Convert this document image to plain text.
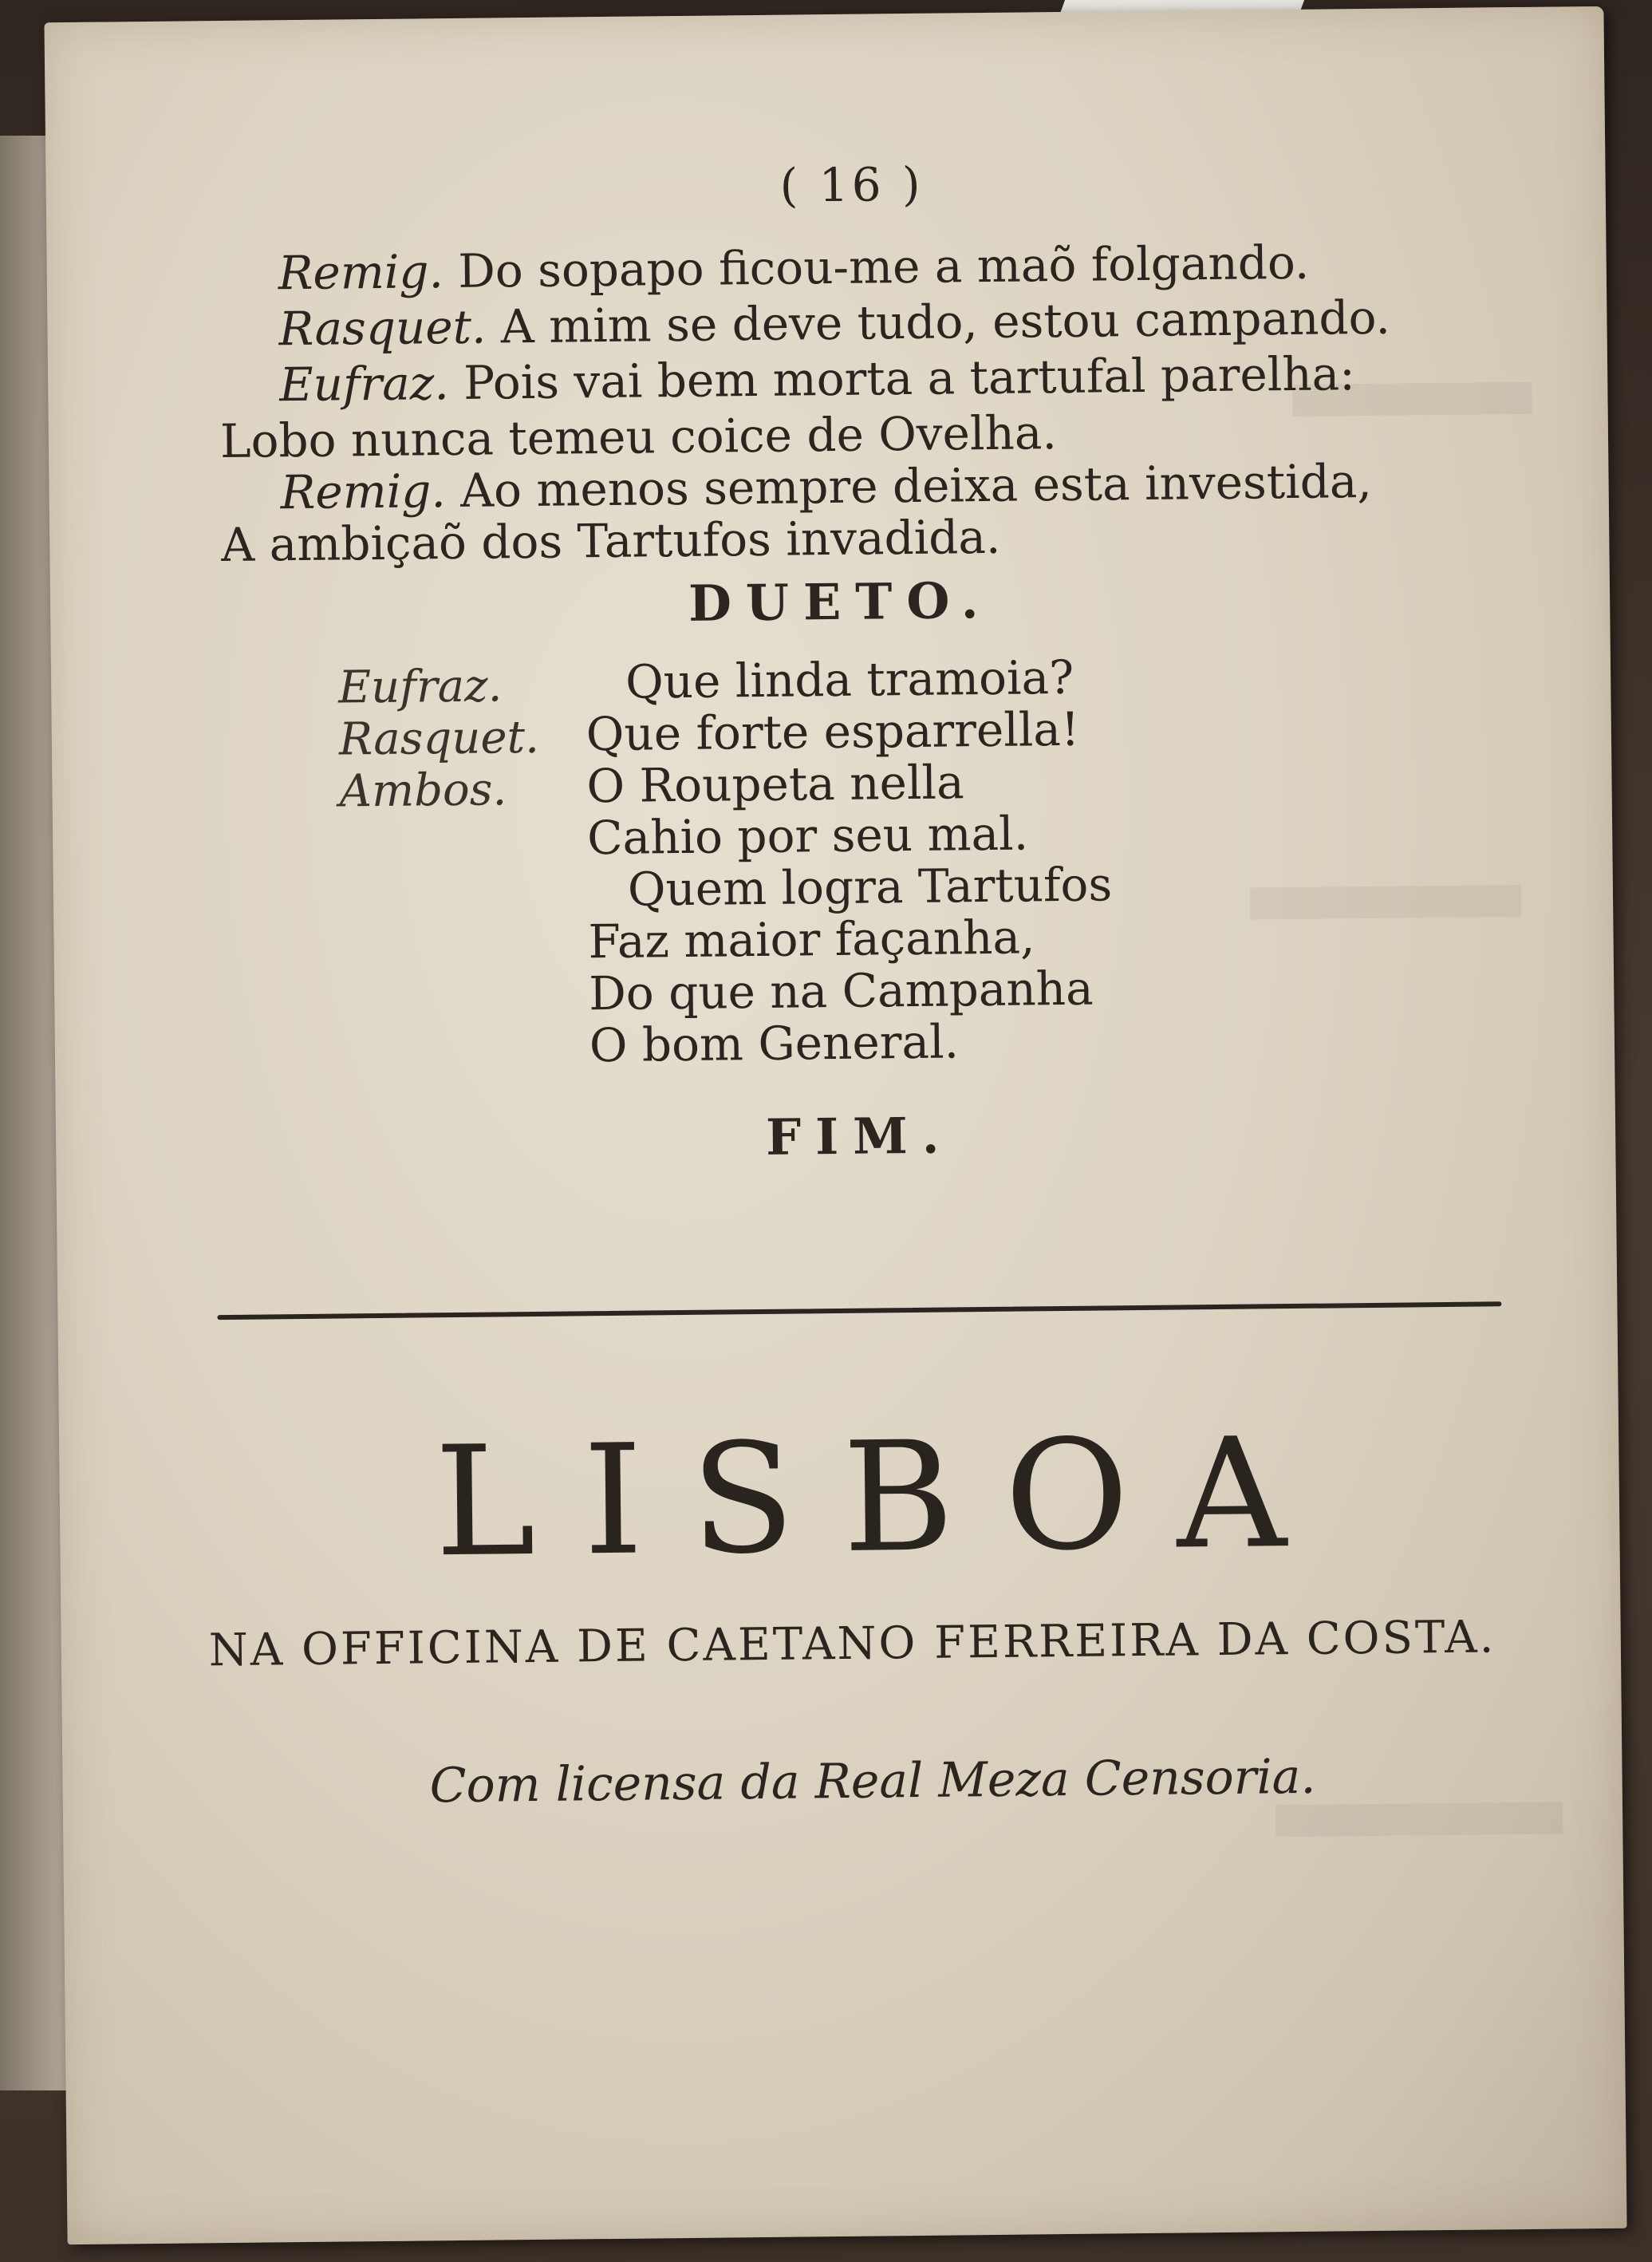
( 16 )
Remig. Do sopapo ficou-me a maõ folgando.
Rasquet. A mim se deve tudo, estou campando.
Eufraz. Pois vai bem morta a tartufal parelha:
Lobo nunca temeu coice de Ovelha.
Remig. Ao menos sempre deixa esta investida,
A ambiçaõ dos Tartufos invadida.
DUETO.
Eufraz.
Rasquet.
Ambos.
Que linda tramoia?
Que forte esparrella!
O Roupeta nella
Cahio por seu mal.
Quem logra Tartufos
Faz maior façanha,
Do que na Campanha
O bom General.
FIM.
LISBOA
NA OFFICINA DE CAETANO FERREIRA DA COSTA.
Com licensa da Real Meza Censoria.
